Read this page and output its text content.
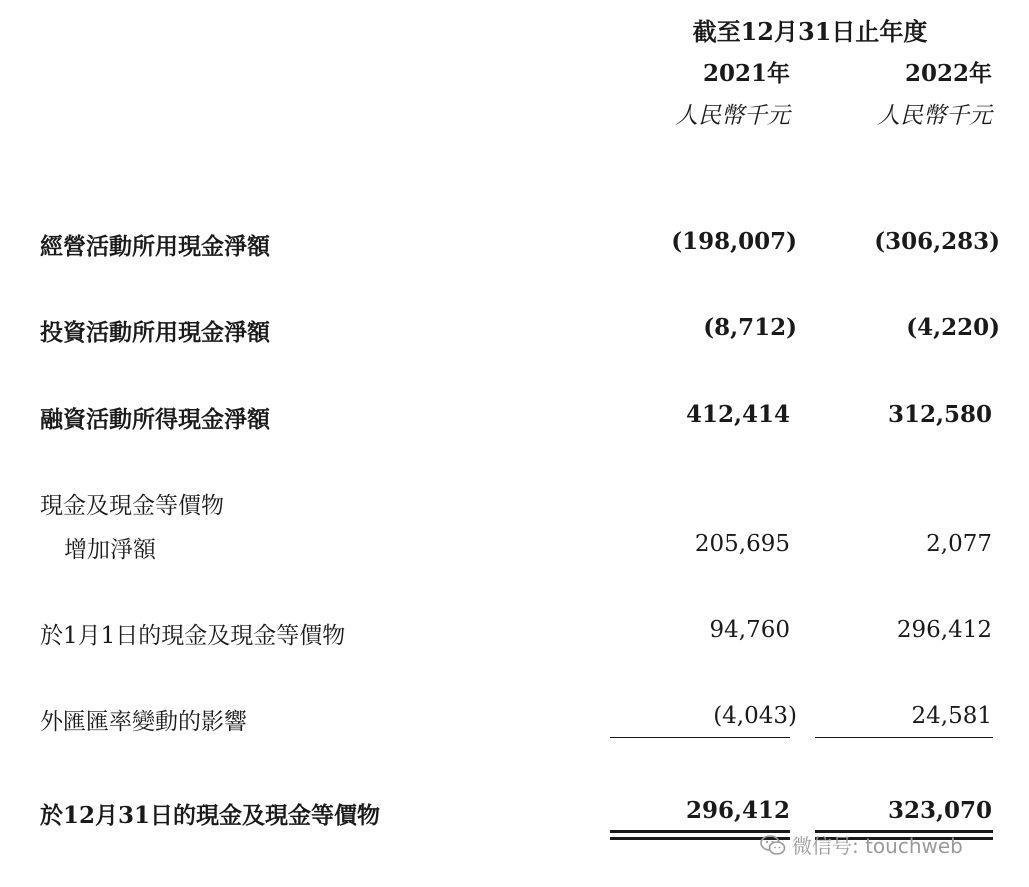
截至12月31日止年度
2021年	2022年
人民幣千元	人民幣千元
經營活動所用現金淨額	(198,007)	(306,283)
投資活動所用現金淨額	(8,712)	(4,220)
融資活動所得現金淨額	412,414	312,580
現金及現金等價物
增加淨額	205,695	2,077
於1月1日的現金及現金等價物	94,760	296,412
外匯匯率變動的影響	(4,043)	24,581
於12月31日的現金及現金等價物	296,412	323,070
微信号: touchweb
